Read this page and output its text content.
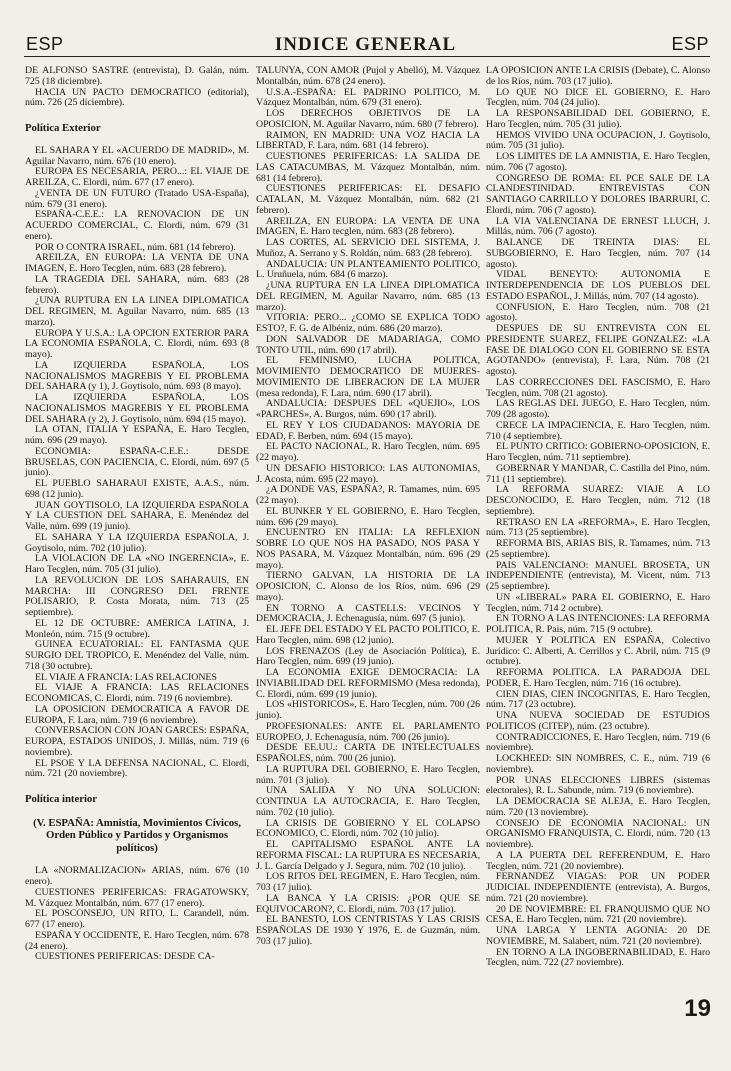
ESP	INDICE GENERAL	ESP

DE ALFONSO SASTRE (entrevista), D. Galán, núm. 725 (18 diciembre).

HACIA UN PACTO DEMOCRATICO (editorial), núm. 726 (25 diciembre).

Política Exterior

EL SAHARA Y EL «ACUERDO DE MADRID», M. Aguilar Navarro, núm. 676 (10 enero).

EUROPA ES NECESARIA, PERO...: EL VIAJE DE AREILZA, C. Elordi, núm. 677 (17 enero).

¿VENTA DE UN FUTURO (Tratado USA-España), núm. 679 (31 enero).

ESPAÑA-C.E.E.: LA RENOVACION DE UN ACUERDO COMERCIAL, C. Elordi, núm. 679 (31 enero).

POR O CONTRA ISRAEL, núm. 681 (14 febrero).

AREILZA, EN EUROPA: LA VENTA DE UNA IMAGEN, E. Horo Tecglen, núm. 683 (28 febrero).

LA TRAGEDIA DEL SAHARA, núm. 683 (28 febrero).

¿UNA RUPTURA EN LA LINEA DIPLOMATICA DEL REGIMEN, M. Aguilar Navarro, núm. 685 (13 marzo).

EUROPA Y U.S.A.: LA OPCION EXTERIOR PARA LA ECONOMIA ESPAÑOLA, C. Elordi, núm. 693 (8 mayo).

LA IZQUIERDA ESPAÑOLA, LOS NACIONALISMOS MAGREBIS Y EL PROBLEMA DEL SAHARA (y 1), J. Goytisolo, núm. 693 (8 mayo).

LA IZQUIERDA ESPAÑOLA, LOS NACIONALISMOS MAGREBIS Y EL PROBLEMA DEL SAHARA (y 2), J. Goytisolo, núm. 694 (15 mayo).

LA OTAN, ITALIA Y ESPAÑA, E. Haro Tecglen, núm. 696 (29 mayo).

ECONOMIA: ESPAÑA-C.E.E.: DESDE BRUSELAS, CON PACIENCIA, C. Elordi, núm. 697 (5 junio).

EL PUEBLO SAHARAUI EXISTE, A.A.S., núm. 698 (12 junio).

JUAN GOYTISOLO, LA IZQUIERDA ESPAÑOLA Y LA CUESTION DEL SAHARA, E. Menéndez del Valle, núm. 699 (19 junio).

EL SAHARA Y LA IZQUIERDA ESPAÑOLA, J. Goytisolo, núm. 702 (10 julio).

LA VIOLACION DE LA «NO INGERENCIA», E. Haro Tecglen, núm. 705 (31 julio).

LA REVOLUCION DE LOS SAHARAUIS, EN MARCHA: III CONGRESO DEL FRENTE POLISARIO, P. Costa Morata, núm. 713 (25 septiembre).

EL 12 DE OCTUBRE: AMERICA LATINA, J. Monleón, núm. 715 (9 octubre).

GUINEA ECUATORIAL: EL FANTASMA QUE SURGIO DEL TROPICO, E. Menéndez del Valle, núm. 718 (30 octubre).

EL VIAJE A FRANCIA: LAS RELACIONES

EL VIAJE A FRANCIA: LAS RELACIONES ECONOMICAS, C. Elordi, núm. 719 (6 noviembre).

LA OPOSICION DEMOCRATICA A FAVOR DE EUROPA, F. Lara, núm. 719 (6 noviembre).

CONVERSACION CON JOAN GARCES: ESPAÑA, EUROPA, ESTADOS UNIDOS, J. Millás, núm. 719 (6 noviembre).

EL PSOE Y LA DEFENSA NACIONAL, C. Elordi, núm. 721 (20 noviembre).

Política interior
(V. ESPAÑA: Amnistía, Movimientos Cívicos, Orden Público y Partidos y Organismos políticos)

LA «NORMALIZACION» ARIAS, núm. 676 (10 enero).

CUESTIONES PERIFERICAS: FRAGATOWSKY, M. Vázquez Montalbán, núm. 677 (17 enero).

EL POSCONSEJO, UN RITO, L. Carandell, núm. 677 (17 enero).

ESPAÑA Y OCCIDENTE, E. Haro Tecglen, núm. 678 (24 enero).

CUESTIONES PERIFERICAS: DESDE CA-

TALUNYA, CON AMOR (Pujol y Abelló), M. Vázquez Montalbán, núm. 678 (24 enero).

U.S.A.-ESPAÑA: EL PADRINO POLITICO, M. Vázquez Montalbán, núm. 679 (31 enero).

LOS DERECHOS OBJETIVOS DE LA OPOSICION, M. Aguilar Navarro, núm. 680 (7 febrero).

RAIMON, EN MADRID: UNA VOZ HACIA LA LIBERTAD, F. Lara, núm. 681 (14 febrero).

CUESTIONES PERIFERICAS: LA SALIDA DE LAS CATACUMBAS, M. Vázquez Montalbán, núm. 681 (14 febrero).

CUESTIONES PERIFERICAS: EL DESAFIO CATALAN, M. Vázquez Montalbán, núm. 682 (21 febrero).

AREILZA, EN EUROPA: LA VENTA DE UNA IMAGEN, E. Haro tecglen, núm. 683 (28 febrero).

LAS CORTES, AL SERVICIO DEL SISTEMA, J. Muñoz, A. Serrano y S. Roldán, núm. 683 (28 febrero).

ANDALUCIA: UN PLANTEAMIENTO POLITICO, L. Uruñuela, núm. 684 (6 marzo).

¿UNA RUPTURA EN LA LINEA DIPLOMATICA DEL REGIMEN, M. Aguilar Navarro, núm. 685 (13 marzo).

VITORIA: PERO... ¿COMO SE EXPLICA TODO ESTO?, F. G. de Albéniz, núm. 686 (20 marzo).

DON SALVADOR DE MADARIAGA, COMO TONTO UTIL, núm. 690 (17 abril).

EL FEMINISMO, LUCHA POLITICA, MOVIMIENTO DEMOCRATICO DE MUJERES-MOVIMIENTO DE LIBERACION DE LA MUJER (mesa redonda), F. Lara, núm. 690 (17 abril).

ANDALUCIA: DESPUES DEL «QUEJIO», LOS «PARCHES», A. Burgos, núm. 690 (17 abril).

EL REY Y LOS CIUDADANOS: MAYORIA DE EDAD, F. Berben, núm. 694 (15 mayo).

EL PACTO NACIONAL, R. Haro Tecglen, núm. 695 (22 mayo).

UN DESAFIO HISTORICO: LAS AUTONOMIAS, J. Acosta, núm. 695 (22 mayo).

¿A DONDE VAS, ESPAÑA?, R. Tamames, núm. 695 (22 mayo).

EL BUNKER Y EL GOBIERNO, E. Haro Tecglen, núm. 696 (29 mayo).

ENCUENTRO EN ITALIA: LA REFLEXION SOBRE LO QUE NOS HA PASADO, NOS PASA Y NOS PASARA, M. Vázquez Montalbán, núm. 696 (29 mayo).

TIERNO GALVAN, LA HISTORIA DE LA OPOSICION, C. Alonso de los Ríos, núm. 696 (29 mayo).

EN TORNO A CASTELLS: VECINOS Y DEMOCRACIA, J. Echenagusía, núm. 697 (5 junio).

EL JEFE DEL ESTADO Y EL PACTO POLITICO, E. Haro Tecglen, núm. 698 (12 junio).

LOS FRENAZOS (Ley de Asociación Política), E. Haro Tecglen, núm. 699 (19 junio).

LA ECONOMIA EXIGE DEMOCRACIA: LA INVIABILIDAD DEL REFORMISMO (Mesa redonda), C. Elordi, núm. 699 (19 junio).

LOS «HISTORICOS», E. Haro Tecglen, núm. 700 (26 junio).

PROFESIONALES: ANTE EL PARLAMENTO EUROPEO, J. Echenagusía, núm. 700 (26 junio).

DESDE EE.UU.: CARTA DE INTELECTUALES ESPAÑOLES, núm. 700 (26 junio).

LA RUPTURA DEL GOBIERNO, E. Haro Tecglen, núm. 701 (3 julio).

UNA SALIDA Y NO UNA SOLUCION: CONTINUA LA AUTOCRACIA, E. Haro Tecglen, núm. 702 (10 julio).

LA CRISIS DE GOBIERNO Y EL COLAPSO ECONOMICO, C. Elordi, núm. 702 (10 julio).

EL CAPITALISMO ESPAÑOL ANTE LA REFORMA FISCAL: LA RUPTURA ES NECESARIA, J. L. García Delgado y J. Segura, núm. 702 (10 julio).

LOS RITOS DEL REGIMEN, E. Haro Tecglen, núm. 703 (17 julio).

LA BANCA Y LA CRISIS: ¿POR QUE SE EQUIVOCARON?, C. Elordi, núm. 703 (17 julio).

EL BANESTO, LOS CENTRISTAS Y LAS CRISIS ESPAÑOLAS DE 1930 Y 1976, E. de Guzmán, núm. 703 (17 julio).

LA OPOSICION ANTE LA CRISIS (Debate), C. Alonso de los Ríos, núm. 703 (17 julio).

LO QUE NO DICE EL GOBIERNO, E. Haro Tecglen, núm. 704 (24 julio).

LA RESPONSABILIDAD DEL GOBIERNO, E. Haro Tecglen, núm. 705 (31 julio).

HEMOS VIVIDO UNA OCUPACION, J. Goytisolo, núm. 705 (31 julio).

LOS LIMITES DE LA AMNISTIA, E. Haro Tecglen, núm. 706 (7 agosto).

CONGRESO DE ROMA: EL PCE SALE DE LA CLANDESTINIDAD. ENTREVISTAS CON SANTIAGO CARRILLO Y DOLORES IBARRURI, C. Elordi, núm. 706 (7 agosto).

LA VIA VALENCIANA DE ERNEST LLUCH, J. Millás, núm. 706 (7 agosto).

BALANCE DE TREINTA DIAS: EL SUBGOBIERNO, E. Haro Tecglen, núm. 707 (14 agosto).

VIDAL BENEYTO: AUTONOMIA E INTERDEPENDENCIA DE LOS PUEBLOS DEL ESTADO ESPAÑOL, J. Millás, núm. 707 (14 agosto).

CONFUSION, E. Haro Tecglen, núm. 708 (21 agosto).

DESPUES DE SU ENTREVISTA CON EL PRESIDENTE SUAREZ, FELIPE GONZALEZ: «LA FASE DE DIALOGO CON EL GOBIERNO SE ESTA AGOTANDO» (entrevista), F. Lara, Núm. 708 (21 agosto).

LAS CORRECCIONES DEL FASCISMO, E. Haro Tecglen, núm. 708 (21 agosto).

LAS REGLAS DEL JUEGO, E. Haro Tecglen, núm. 709 (28 agosto).

CRECE LA IMPACIENCIA, E. Haro Tecglen, núm. 710 (4 septiembre).

EL PUNTO CRITICO: GOBIERNO-OPOSICION, E. Haro Tecglen, núm. 711 septiembre).

GOBERNAR Y MANDAR, C. Castilla del Pino, núm. 711 (11 septiembre).

LA REFORMA SUAREZ: VIAJE A LO DESCONOCIDO, E. Haro Tecglen, núm. 712 (18 septiembre).

RETRASO EN LA «REFORMA», E. Haro Tecglen, núm. 713 (25 septiembre).

REFORMA BIS, ARIAS BIS, R. Tamames, núm. 713 (25 septiembre).

PAIS VALENCIANO: MANUEL BROSETA, UN INDEPENDIENTE (entrevista), M. Vicent, núm. 713 (25 septiembre).

UN «LIBERAL» PARA EL GOBIERNO, E. Haro Tecglen, núm. 714 2 octubre).

EN TORNO A LAS INTENCIONES: LA REFORMA POLITICA, R. Pais, núm. 715 (9 octubre).

MUJER Y POLITICA EN ESPAÑA, Colectivo Jurídico: C. Alberti, A. Cerrillos y C. Abril, núm. 715 (9 octubre).

REFORMA POLITICA. LA PARADOJA DEL PODER, E. Haro Tecglen, núm. 716 (16 octubre).

CIEN DIAS, CIEN INCOGNITAS, E. Haro Tecglen, núm. 717 (23 octubre).

UNA NUEVA SOCIEDAD DE ESTUDIOS POLITICOS (CITEP), núm. (23 octubre).

CONTRADICCIONES, E. Haro Tecglen, núm. 719 (6 noviembre).

LOCKHEED: SIN NOMBRES, C. E., núm. 719 (6 noviembre).

POR UNAS ELECCIONES LIBRES (sistemas electorales), R. L. Sabunde, núm. 719 (6 noviembre).

LA DEMOCRACIA SE ALEJA, E. Haro Tecglen, núm. 720 (13 noviembre).

CONSEJO DE ECONOMIA NACIONAL: UN ORGANISMO FRANQUISTA, C. Elordi, núm. 720 (13 noviembre).

A LA PUERTA DEL REFERENDUM, E. Haro Tecglen, núm. 721 (20 noviembre).

FERNANDEZ VIAGAS: POR UN PODER JUDICIAL INDEPENDIENTE (entrevista), A. Burgos, núm. 721 (20 noviembre).

20 DE NOVIEMBRE: EL FRANQUISMO QUE NO CESA, E. Haro Tecglen, núm. 721 (20 noviembre).

UNA LARGA Y LENTA AGONIA: 20 DE NOVIEMBRE, M. Salabert, núm. 721 (20 noviembre).

EN TORNO A LA INGOBERNABILIDAD, E. Haro Tecglen, núm. 722 (27 noviembre).

19
